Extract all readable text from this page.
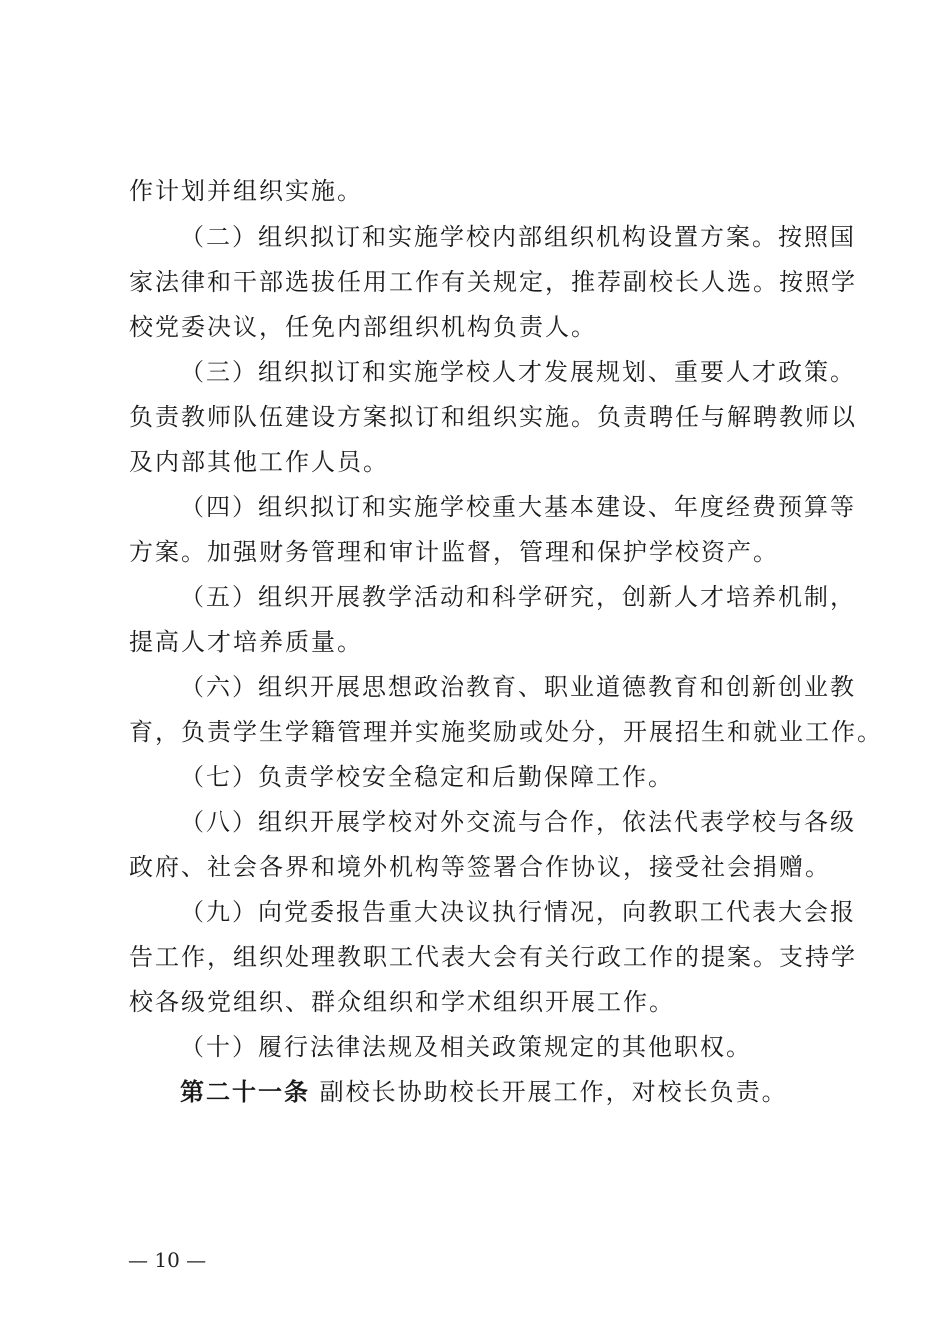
作计划并组织实施。
（二）组织拟订和实施学校内部组织机构设置方案。按照国
家法律和干部选拔任用工作有关规定，推荐副校长人选。按照学
校党委决议，任免内部组织机构负责人。
（三）组织拟订和实施学校人才发展规划、重要人才政策。
负责教师队伍建设方案拟订和组织实施。负责聘任与解聘教师以
及内部其他工作人员。
（四）组织拟订和实施学校重大基本建设、年度经费预算等
方案。加强财务管理和审计监督，管理和保护学校资产。
（五）组织开展教学活动和科学研究，创新人才培养机制，
提高人才培养质量。
（六）组织开展思想政治教育、职业道德教育和创新创业教
育，负责学生学籍管理并实施奖励或处分，开展招生和就业工作。
（七）负责学校安全稳定和后勤保障工作。
（八）组织开展学校对外交流与合作，依法代表学校与各级
政府、社会各界和境外机构等签署合作协议，接受社会捐赠。
（九）向党委报告重大决议执行情况，向教职工代表大会报
告工作，组织处理教职工代表大会有关行政工作的提案。支持学
校各级党组织、群众组织和学术组织开展工作。
（十）履行法律法规及相关政策规定的其他职权。
第二十一条 副校长协助校长开展工作，对校长负责。
— 10 —
